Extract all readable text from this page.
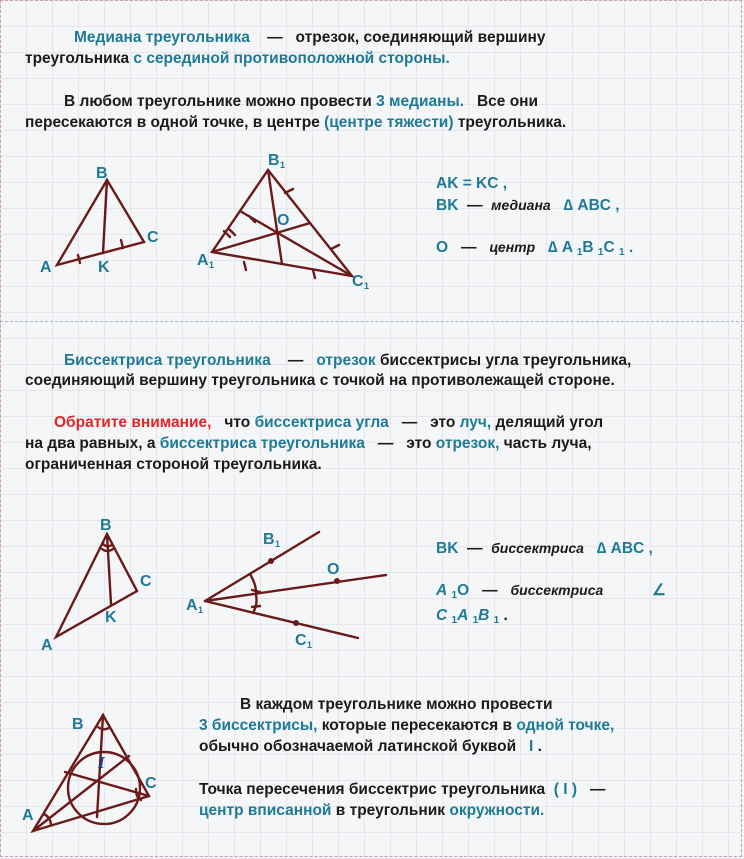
Медиана треугольника — отрезок, соединяющий вершину
треугольника с серединой противоположной стороны.
В любом треугольнике можно провести 3 медианы. Все они
пересекаются в одной точке, в центре (центре тяжести) треугольника.
AK = KC ,
BK — медиана ∆ ABC ,
O — центр ∆ A $_1$B $_1$C $_1$ .
B
A	K
C
B 1
O
A 1
C 1
Биссектриса треугольника — отрезок биссектрисы угла треугольника,
соединяющий вершину треугольника с точкой на противолежащей стороне.
Обратите внимание, что биссектриса угла — это луч, делящий угол
на два равных, а биссектриса треугольника — это отрезок, часть луча,
ограниченная стороной треугольника.
BK — биссектриса ∆ ABC ,
A $_1$O — биссектриса	∠
C $_1$A $_1$B $_1$ .
B
C
K
A
B 1
O
A 1
C 1
В каждом треугольнике можно провести
3 биссектрисы, которые пересекаются в одной точке,
обычно обозначаемой латинской буквой I .
Точка пересечения биссектрис треугольника ( I ) —
центр вписанной в треугольник окружности.
B
I
C
A
